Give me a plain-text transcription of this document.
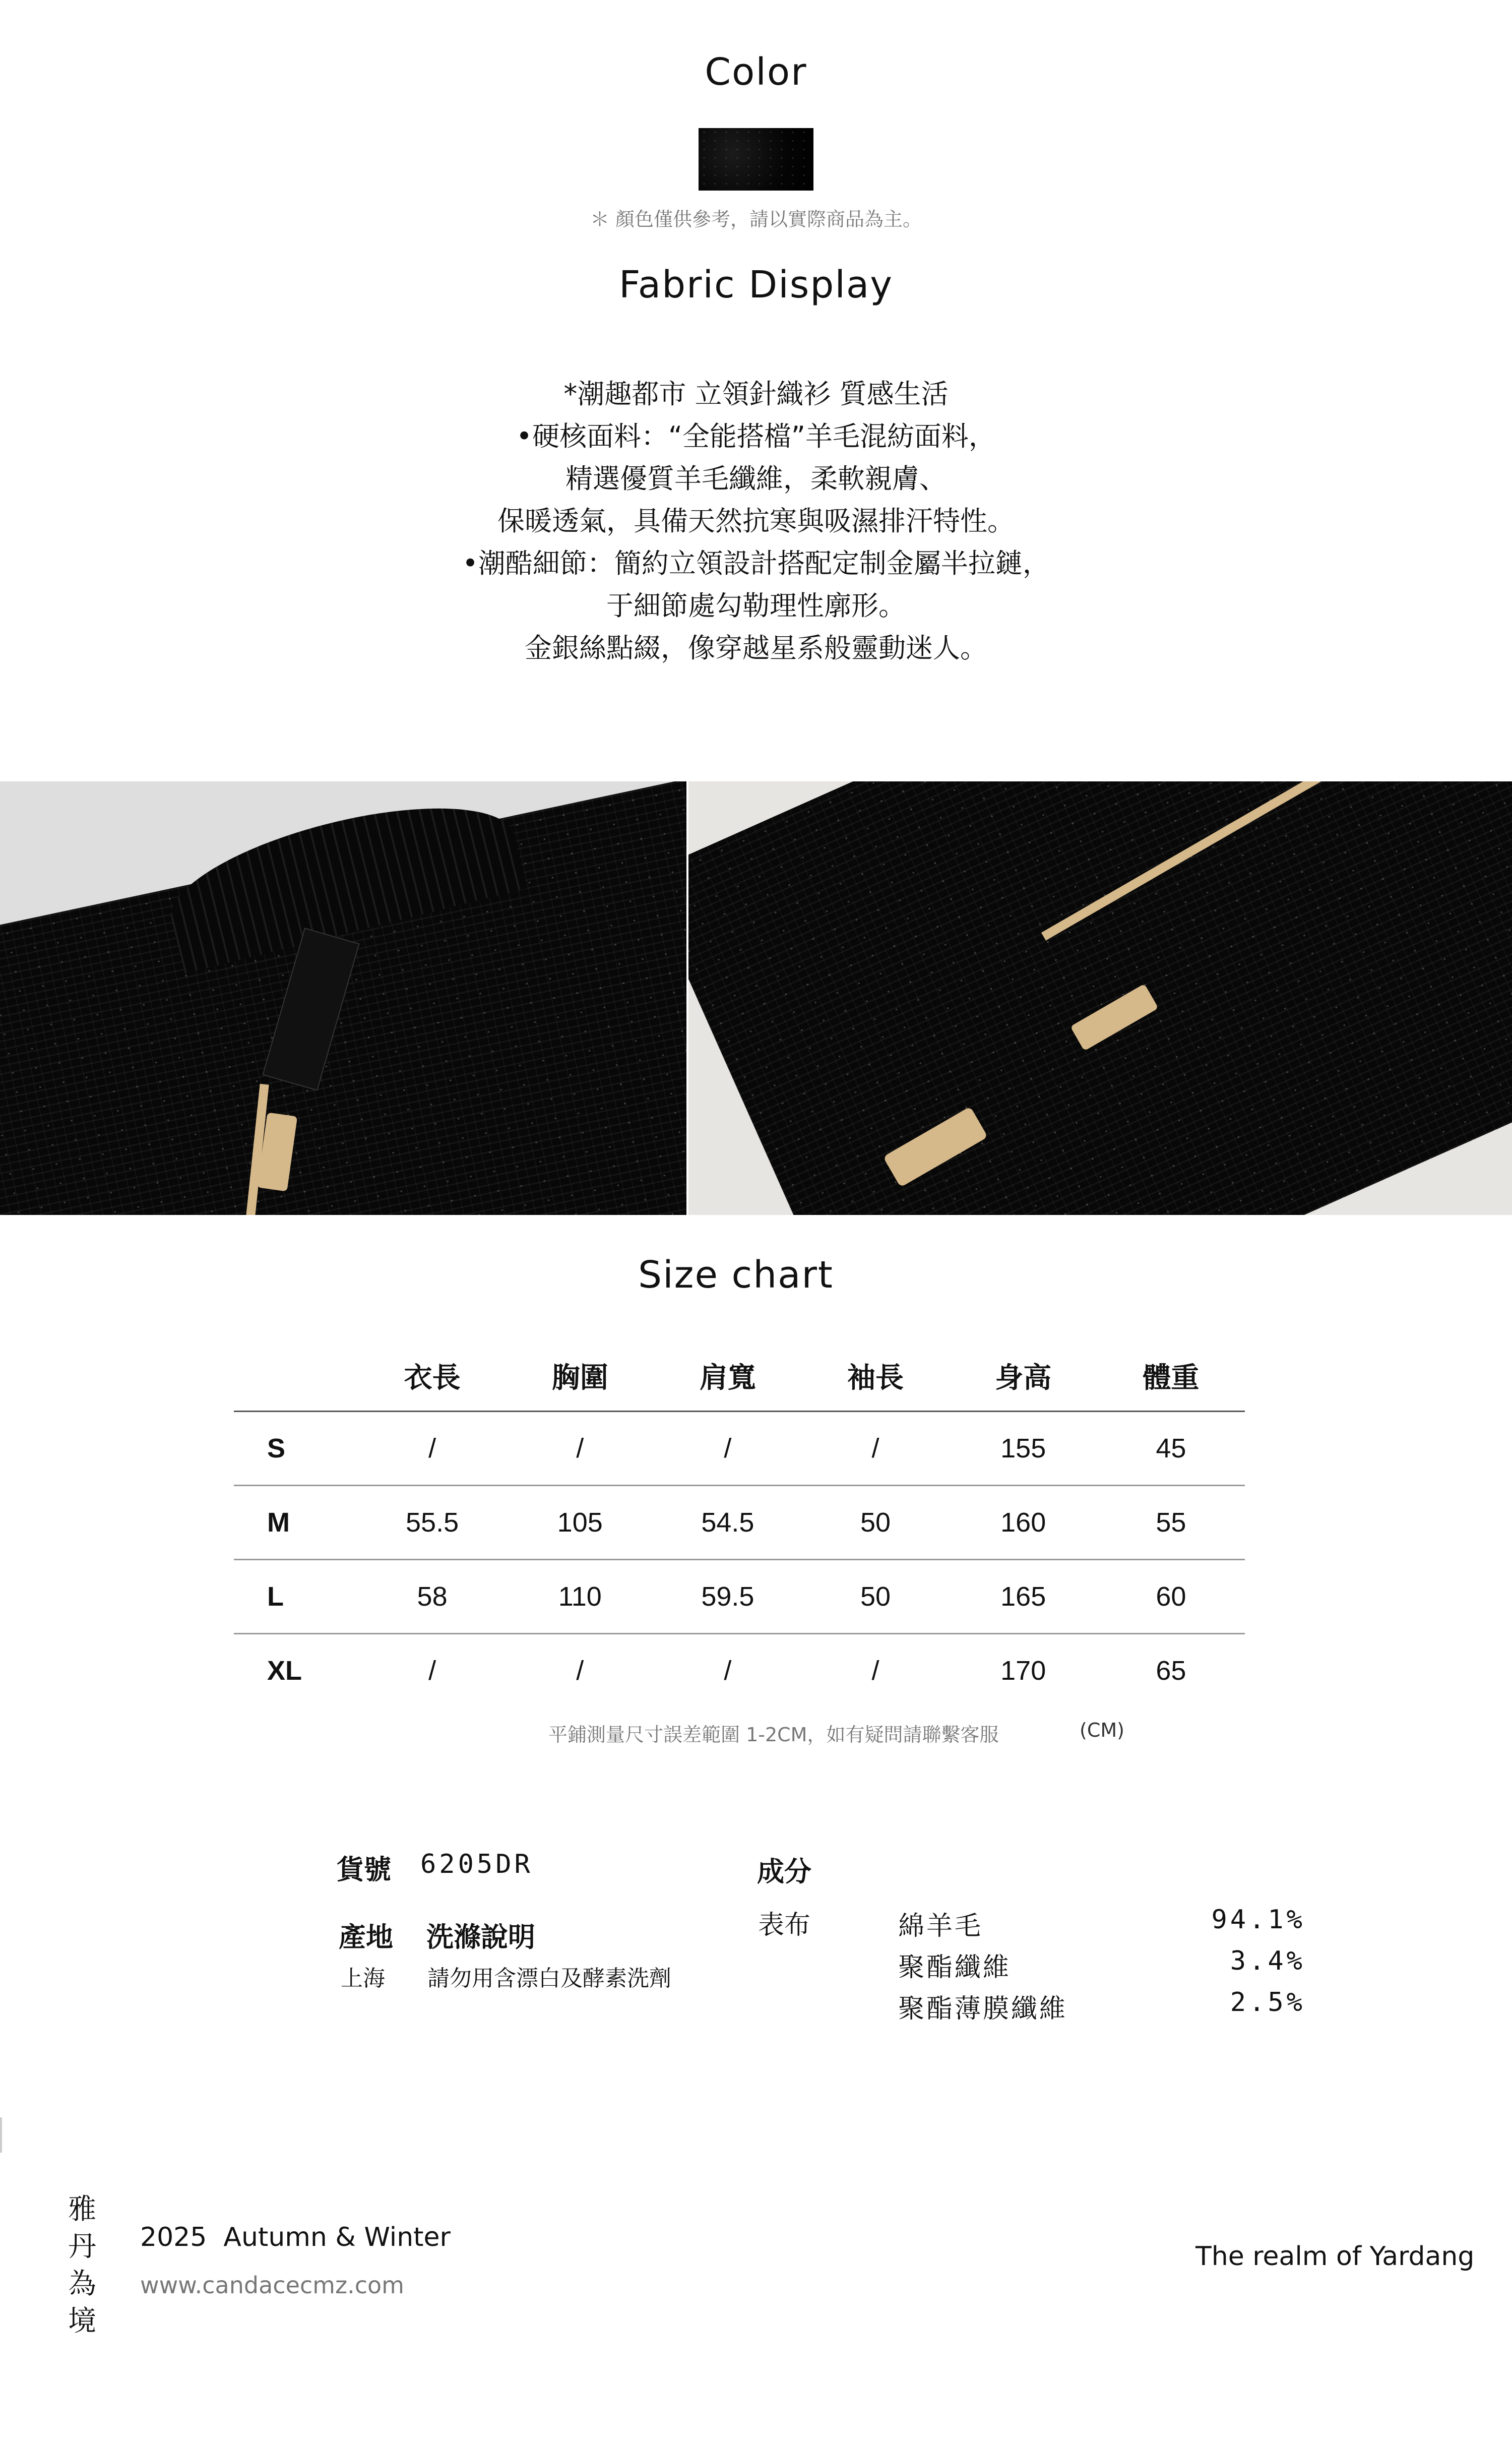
Color
＊ 顏色僅供參考，請以實際商品為主。
Fabric Display
*潮趣都市 立領針織衫 質感生活
•硬核面料：“全能搭檔”羊毛混紡面料，
精選優質羊毛纖維，柔軟親膚、
保暖透氣，具備天然抗寒與吸濕排汗特性。
•潮酷細節：簡約立領設計搭配定制金屬半拉鏈，
于細節處勾勒理性廓形。
金銀絲點綴，像穿越星系般靈動迷人。
Size chart
	衣長	胸圍	肩寬	袖長	身高	體重
S	/	/	/	/	155	45
M	55.5	105	54.5	50	160	55
L	58	110	59.5	50	165	60
XL	/	/	/	/	170	65
平鋪測量尺寸誤差範圍 1-2CM，如有疑問請聯繫客服	(CM)
貨號 6205DR
產地 洗滌說明
上海 請勿用含漂白及酵素洗劑
成分
表布	綿羊毛	94.1%
聚酯纖維	3.4%
聚酯薄膜纖維	2.5%
雅
丹
為
境
2025  Autumn & Winter
www.candacecmz.com
The realm of Yardang
